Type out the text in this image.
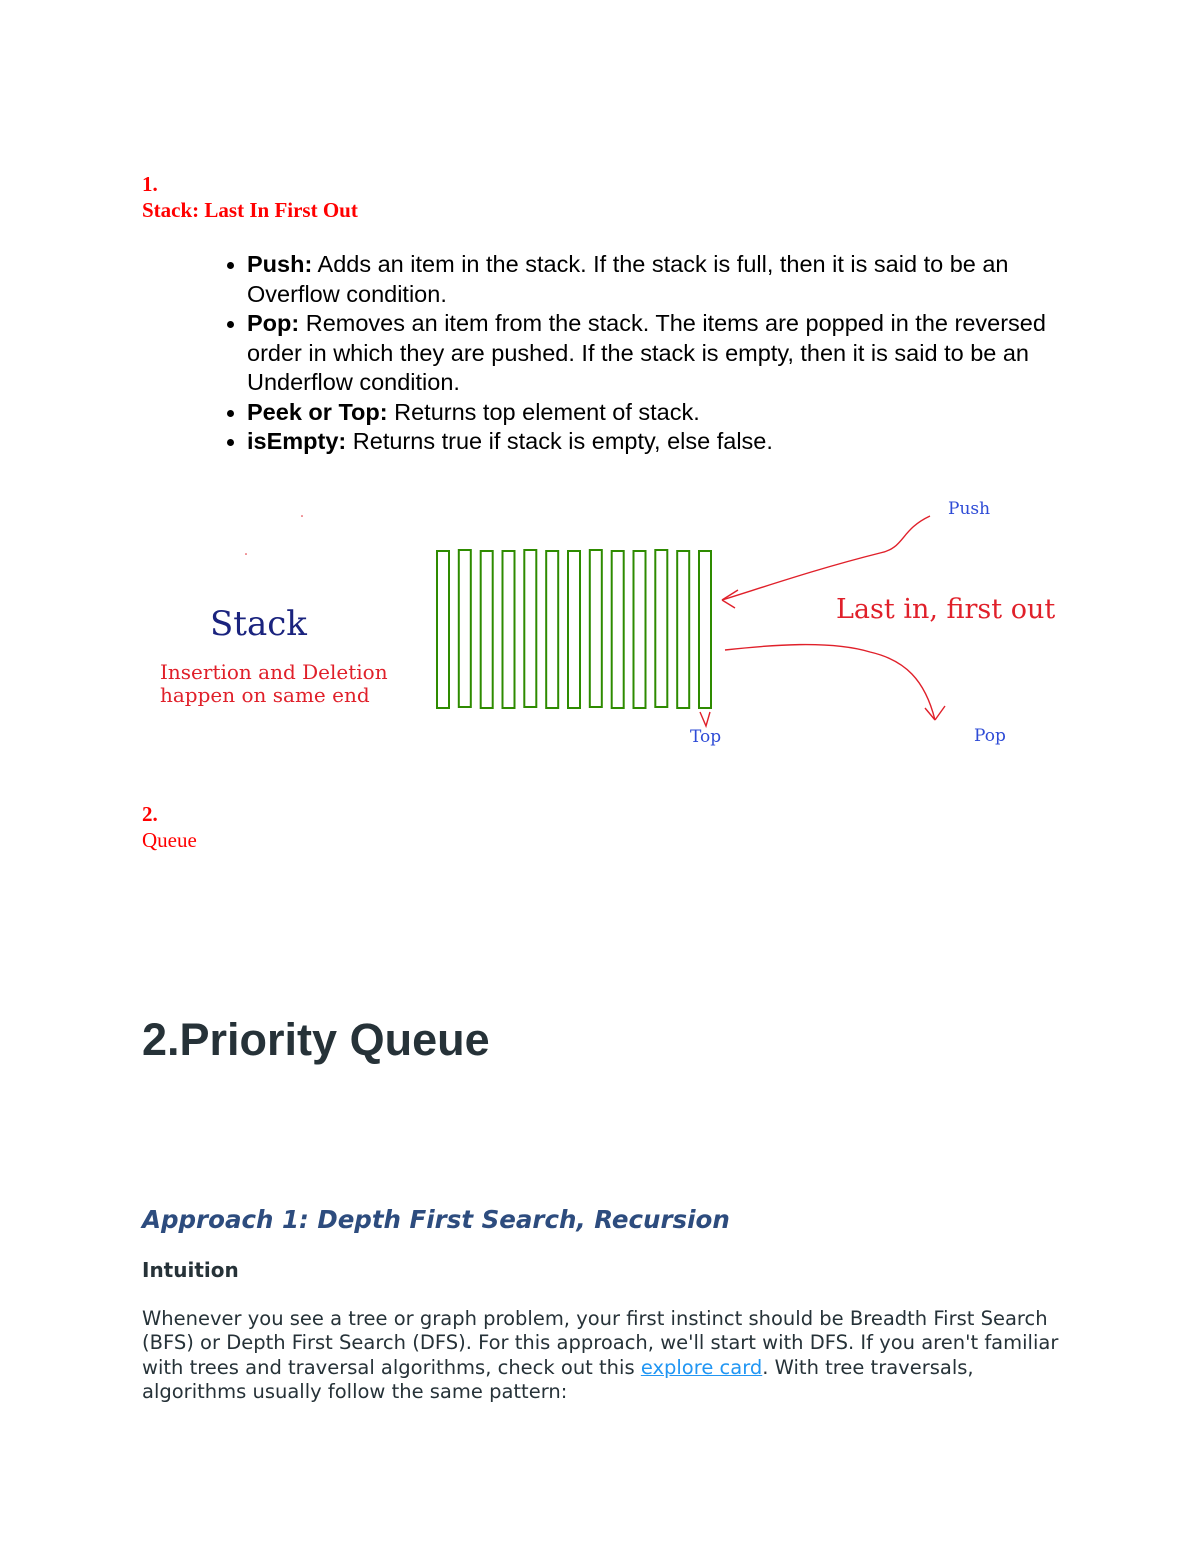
1.
Stack: Last In First Out
• Push: Adds an item in the stack. If the stack is full, then it is said to be an Overflow condition.
• Pop: Removes an item from the stack. The items are popped in the reversed order in which they are pushed. If the stack is empty, then it is said to be an Underflow condition.
• Peek or Top: Returns top element of stack.
• isEmpty: Returns true if stack is empty, else false.
Stack
Insertion and Deletion
happen on same end
Push
Last in, first out
Top	Pop
2.
Queue
2.Priority Queue
Approach 1: Depth First Search, Recursion
Intuition

Whenever you see a tree or graph problem, your first instinct should be Breadth First Search (BFS) or Depth First Search (DFS). For this approach, we'll start with DFS. If you aren't familiar with trees and traversal algorithms, check out this explore card. With tree traversals, algorithms usually follow the same pattern:
